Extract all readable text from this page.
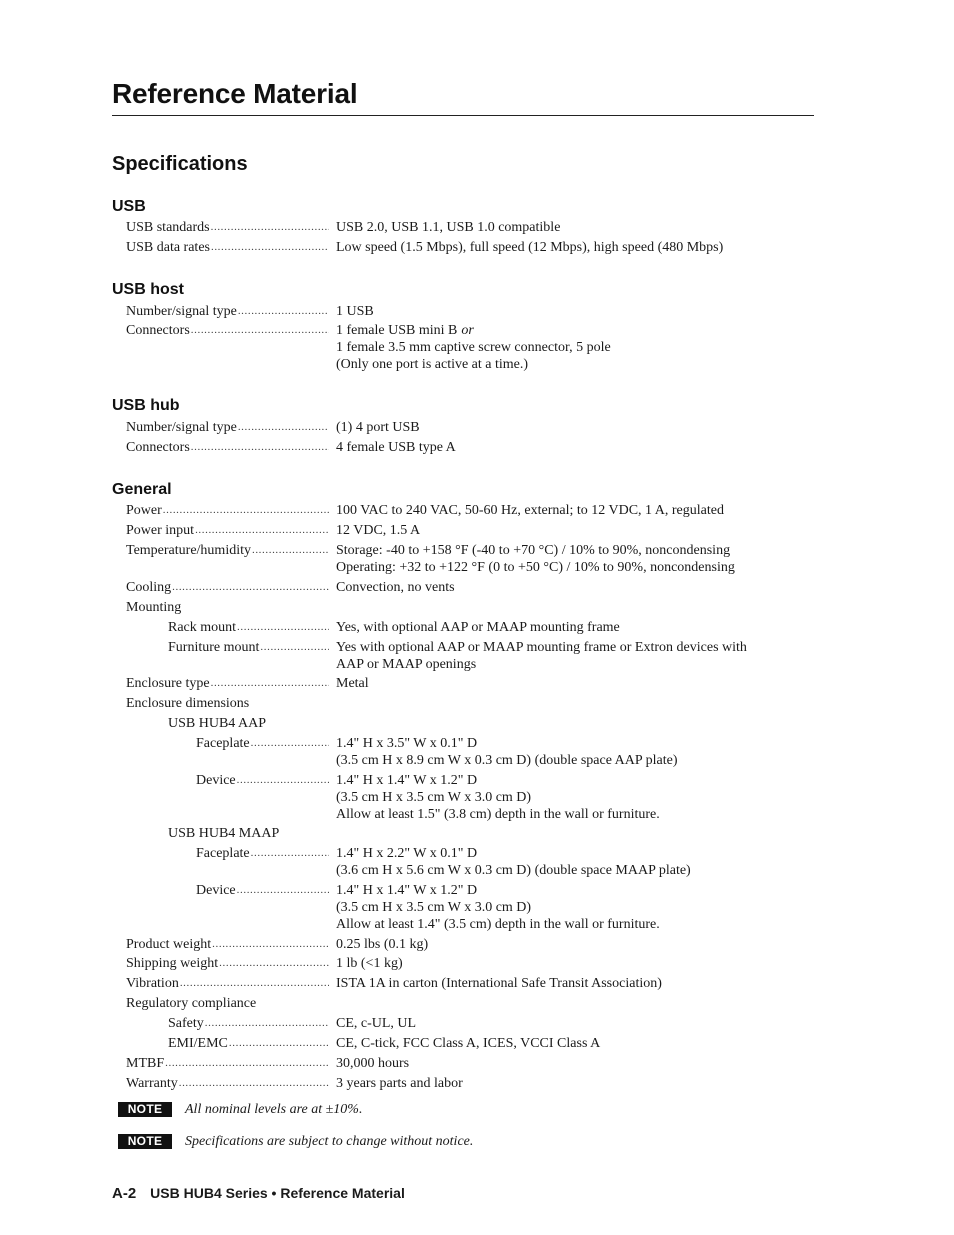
Reference Material
Specifications
USB
USB standards .....	USB 2.0, USB 1.1, USB 1.0 compatible
USB data rates .....	Low speed (1.5 Mbps), full speed (12 Mbps), high speed (480 Mbps)
USB host
Number/signal type .....	1 USB
Connectors .....	1 female USB mini B or
1 female 3.5 mm captive screw connector, 5 pole
(Only one port is active at a time.)
USB hub
Number/signal type .....	(1) 4 port USB
Connectors .....	4 female USB type A
General
Power .....	100 VAC to 240 VAC, 50-60 Hz, external; to 12 VDC, 1 A, regulated
Power input .....	12 VDC, 1.5 A
Temperature/humidity .....	Storage: -40 to +158 °F (-40 to +70 °C) / 10% to 90%, noncondensing
Operating: +32 to +122 °F (0 to +50 °C) / 10% to 90%, noncondensing
Cooling .....	Convection, no vents
Mounting
Rack mount .....	Yes, with optional AAP or MAAP mounting frame
Furniture mount .....	Yes with optional AAP or MAAP mounting frame or Extron devices with
AAP or MAAP openings
Enclosure type .....	Metal
Enclosure dimensions
USB HUB4 AAP
Faceplate .....	1.4" H x 3.5" W x 0.1" D
(3.5 cm H x 8.9 cm W x 0.3 cm D) (double space AAP plate)
Device .....	1.4" H x 1.4" W x 1.2" D
(3.5 cm H x 3.5 cm W x 3.0 cm D)
Allow at least 1.5" (3.8 cm) depth in the wall or furniture.
USB HUB4 MAAP
Faceplate .....	1.4" H x 2.2" W x 0.1" D
(3.6 cm H x 5.6 cm W x 0.3 cm D) (double space MAAP plate)
Device .....	1.4" H x 1.4" W x 1.2" D
(3.5 cm H x 3.5 cm W x 3.0 cm D)
Allow at least 1.4" (3.5 cm) depth in the wall or furniture.
Product weight .....	0.25 lbs (0.1 kg)
Shipping weight .....	1 lb (<1 kg)
Vibration .....	ISTA 1A in carton (International Safe Transit Association)
Regulatory compliance
Safety .....	CE, c-UL, UL
EMI/EMC .....	CE, C-tick, FCC Class A, ICES, VCCI Class A
MTBF .....	30,000 hours
Warranty .....	3 years parts and labor
NOTE	All nominal levels are at ±10%.
NOTE	Specifications are subject to change without notice.
A-2 USB HUB4 Series • Reference Material
